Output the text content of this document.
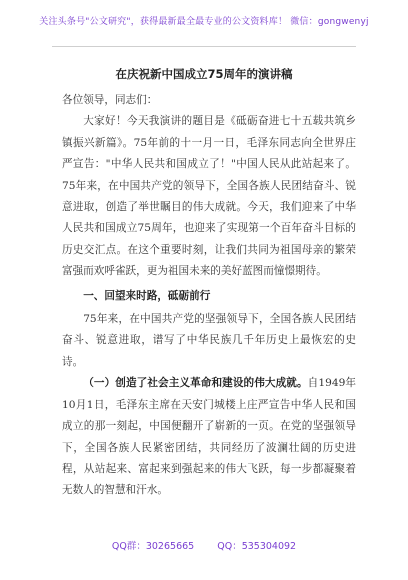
关注头条号"公文研究"，获得最新最全最专业的公文资料库！ 微信：gongwenyj
在庆祝新中国成立75周年的演讲稿

各位领导，同志们：

大家好！今天我演讲的题目是《砥砺奋进七十五载共筑乡镇振兴新篇》。75年前的十一月一日，毛泽东同志向全世界庄严宣告："中华人民共和国成立了！"中国人民从此站起来了。75年来，在中国共产党的领导下，全国各族人民团结奋斗、锐意进取，创造了举世瞩目的伟大成就。今天，我们迎来了中华人民共和国成立75周年，也迎来了实现第一个百年奋斗目标的历史交汇点。在这个重要时刻，让我们共同为祖国母亲的繁荣富强而欢呼雀跃，更为祖国未来的美好蓝图而憧憬期待。

一、回望来时路，砥砺前行

75年来，在中国共产党的坚强领导下，全国各族人民团结奋斗、锐意进取，谱写了中华民族几千年历史上最恢宏的史诗。

（一）创造了社会主义革命和建设的伟大成就。自1949年10月1日，毛泽东主席在天安门城楼上庄严宣告中华人民和国成立的那一刻起，中国便翻开了崭新的一页。在党的坚强领导下，全国各族人民紧密团结，共同经历了波澜壮阔的历史进程，从站起来、富起来到强起来的伟大飞跃，每一步都凝聚着无数人的智慧和汗水。

QQ群：30265665 QQ：535304092
